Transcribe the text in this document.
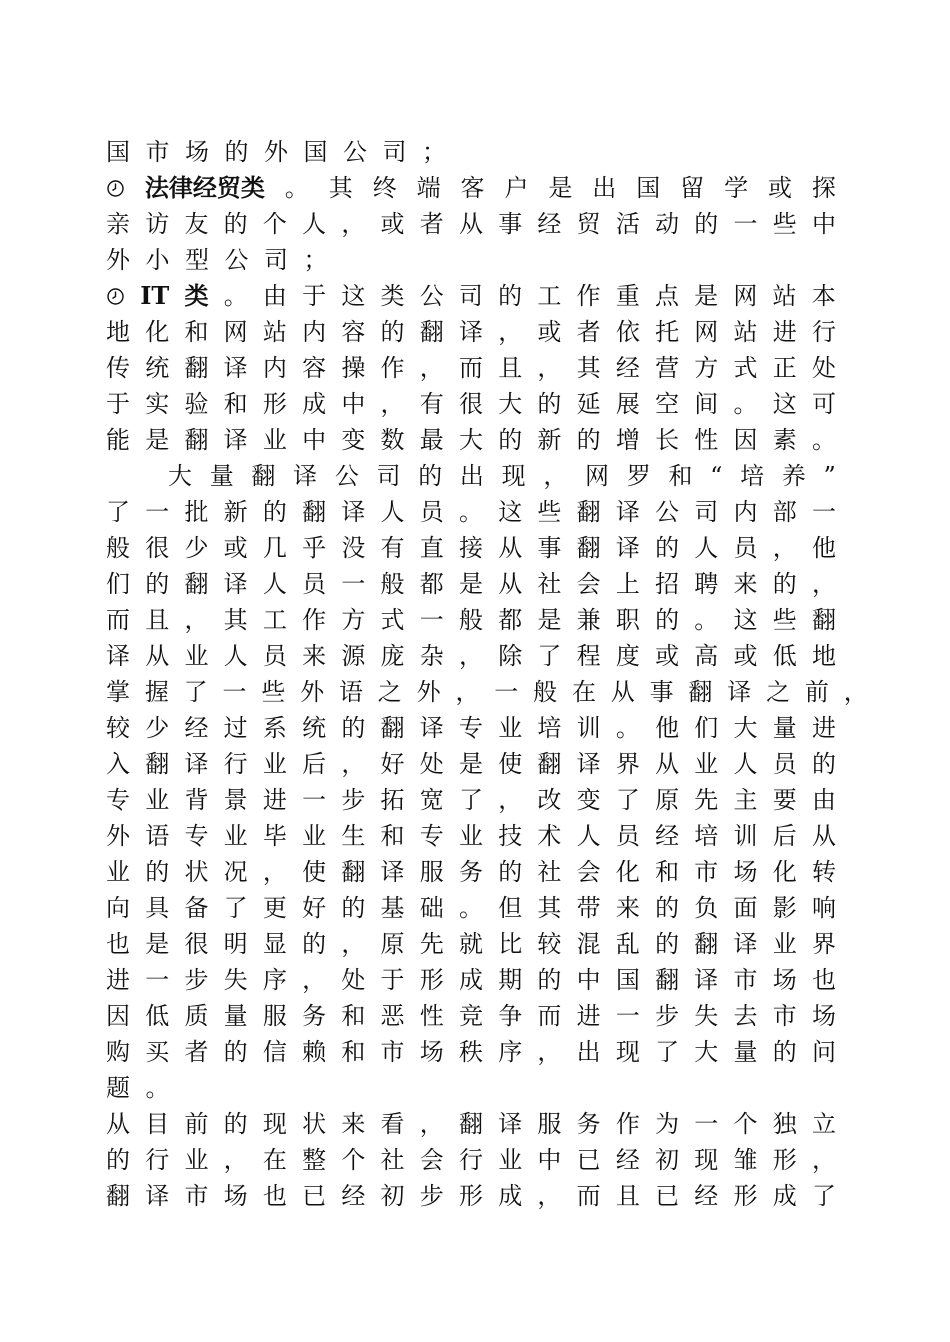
国 市 场 的 外 国 公 司 ；
法律经贸类 。 其 终 端 客 户 是 出 国 留 学 或 探
亲 访 友 的 个 人 ， 或 者 从 事 经 贸 活 动 的 一 些 中
外 小 型 公 司 ；
IT 类 。 由 于 这 类 公 司 的 工 作 重 点 是 网 站 本
地 化 和 网 站 内 容 的 翻 译 ， 或 者 依 托 网 站 进 行
传 统 翻 译 内 容 操 作 ， 而 且 ， 其 经 营 方 式 正 处
于 实 验 和 形 成 中 ， 有 很 大 的 延 展 空 间 。 这 可
能 是 翻 译 业 中 变 数 最 大 的 新 的 增 长 性 因 素 。
大 量 翻 译 公 司 的 出 现 ， 网 罗 和 “ 培 养 ”
了 一 批 新 的 翻 译 人 员 。 这 些 翻 译 公 司 内 部 一
般 很 少 或 几 乎 没 有 直 接 从 事 翻 译 的 人 员 ， 他
们 的 翻 译 人 员 一 般 都 是 从 社 会 上 招 聘 来 的 ，
而 且 ， 其 工 作 方 式 一 般 都 是 兼 职 的 。 这 些 翻
译 从 业 人 员 来 源 庞 杂 ， 除 了 程 度 或 高 或 低 地
掌 握 了 一 些 外 语 之 外 ， 一 般 在 从 事 翻 译 之 前 ，
较 少 经 过 系 统 的 翻 译 专 业 培 训 。 他 们 大 量 进
入 翻 译 行 业 后 ， 好 处 是 使 翻 译 界 从 业 人 员 的
专 业 背 景 进 一 步 拓 宽 了 ， 改 变 了 原 先 主 要 由
外 语 专 业 毕 业 生 和 专 业 技 术 人 员 经 培 训 后 从
业 的 状 况 ， 使 翻 译 服 务 的 社 会 化 和 市 场 化 转
向 具 备 了 更 好 的 基 础 。 但 其 带 来 的 负 面 影 响
也 是 很 明 显 的 ， 原 先 就 比 较 混 乱 的 翻 译 业 界
进 一 步 失 序 ， 处 于 形 成 期 的 中 国 翻 译 市 场 也
因 低 质 量 服 务 和 恶 性 竞 争 而 进 一 步 失 去 市 场
购 买 者 的 信 赖 和 市 场 秩 序 ， 出 现 了 大 量 的 问
题 。
从 目 前 的 现 状 来 看 ， 翻 译 服 务 作 为 一 个 独 立
的 行 业 ， 在 整 个 社 会 行 业 中 已 经 初 现 雏 形 ，
翻 译 市 场 也 已 经 初 步 形 成 ， 而 且 已 经 形 成 了
